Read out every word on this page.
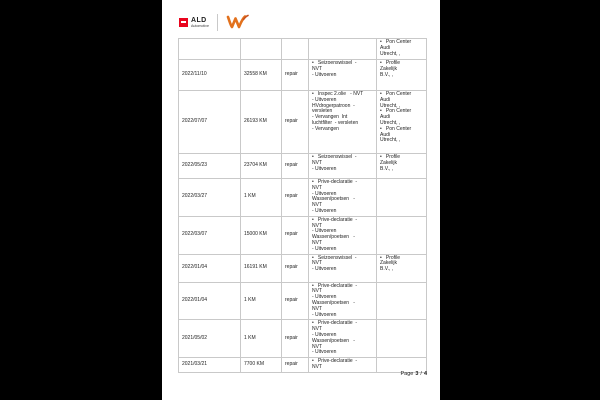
ALD
Automotive
				•   Pon Center
Audi
Utrecht, ,
2022/11/10	32558 KM	repair	•   Seizoenswissel  -
NVT
- Uitvoeren	•   Profile
Zakelijk
B.V., ,
2022/07/07	26193 KM	repair	•   Inspec 2.olie   - NVT
- Uitvoeren
HVdrogerpatroon  -
versleten
- Vervangen  Int
luchtfilter  - versleten
- Vervangen	•   Pon Center
Audi
Utrecht, ,
•   Pon Center
Audi
Utrecht, ,
•   Pon Center
Audi
Utrecht, ,
2022/05/23	23704 KM	repair	•   Seizoenswissel  -
NVT
- Uitvoeren	•   Profile
Zakelijk
B.V., ,
2022/03/27	1 KM	repair	•   Prive-declaratie  -
NVT
- Uitvoeren
Wassen/poetsen   -
NVT
- Uitvoeren	
2022/03/07	15000 KM	repair	•   Prive-declaratie  -
NVT
- Uitvoeren
Wassen/poetsen   -
NVT
- Uitvoeren	
2022/01/04	16191 KM	repair	•   Seizoenswissel  -
NVT
- Uitvoeren	•   Profile
Zakelijk
B.V., ,
2022/01/04	1 KM	repair	•   Prive-declaratie  -
NVT
- Uitvoeren
Wassen/poetsen   -
NVT
- Uitvoeren	
2021/05/02	1 KM	repair	•   Prive-declaratie  -
NVT
- Uitvoeren
Wassen/poetsen   -
NVT
- Uitvoeren	
2021/03/21	7700 KM	repair	•   Prive-declaratie  -
NVT	
Page 3 / 4
